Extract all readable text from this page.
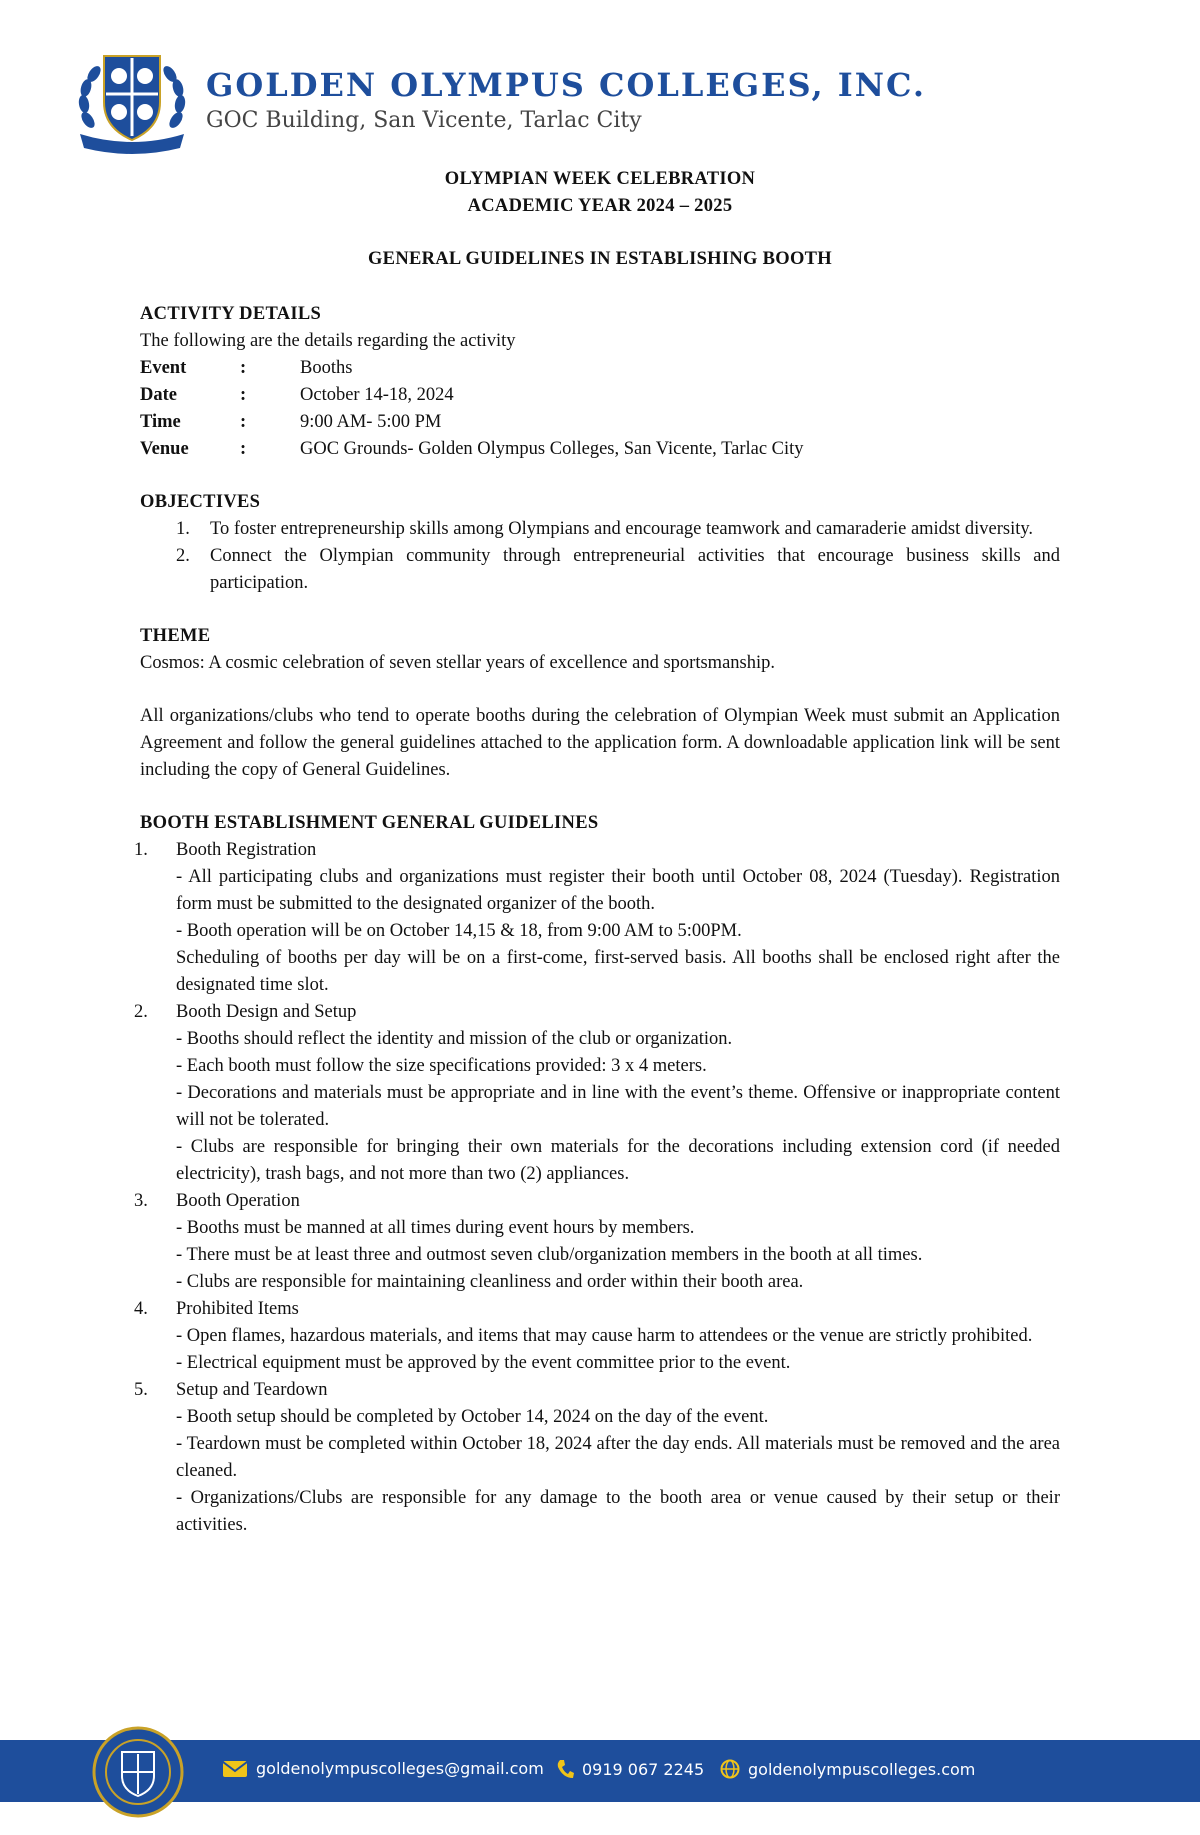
GOLDEN OLYMPUS COLLEGES, INC.

GOC Building, San Vicente, Tarlac City

OLYMPIAN WEEK CELEBRATION

ACADEMIC YEAR 2024 – 2025

GENERAL GUIDELINES IN ESTABLISHING BOOTH

ACTIVITY DETAILS

The following are the details regarding the activity

Event	:	Booths
Date	:	October 14-18, 2024
Time	:	9:00 AM- 5:00 PM
Venue	:	GOC Grounds- Golden Olympus Colleges, San Vicente, Tarlac City

OBJECTIVES

1.	To foster entrepreneurship skills among Olympians and encourage teamwork and camaraderie amidst diversity.
2.	Connect the Olympian community through entrepreneurial activities that encourage business skills and participation.

THEME

Cosmos: A cosmic celebration of seven stellar years of excellence and sportsmanship.

All organizations/clubs who tend to operate booths during the celebration of Olympian Week must submit an Application Agreement and follow the general guidelines attached to the application form. A downloadable application link will be sent including the copy of General Guidelines.

BOOTH ESTABLISHMENT GENERAL GUIDELINES

1.	Booth Registration

- All participating clubs and organizations must register their booth until October 08, 2024 (Tuesday). Registration form must be submitted to the designated organizer of the booth.

- Booth operation will be on October 14,15 & 18, from 9:00 AM to 5:00PM.

Scheduling of booths per day will be on a first-come, first-served basis. All booths shall be enclosed right after the designated time slot.

2.	Booth Design and Setup

- Booths should reflect the identity and mission of the club or organization.

- Each booth must follow the size specifications provided: 3 x 4 meters.

- Decorations and materials must be appropriate and in line with the event’s theme. Offensive or inappropriate content will not be tolerated.

- Clubs are responsible for bringing their own materials for the decorations including extension cord (if needed electricity), trash bags, and not more than two (2) appliances.

3.	Booth Operation

- Booths must be manned at all times during event hours by members.

- There must be at least three and outmost seven club/organization members in the booth at all times.

- Clubs are responsible for maintaining cleanliness and order within their booth area.

4.	Prohibited Items

- Open flames, hazardous materials, and items that may cause harm to attendees or the venue are strictly prohibited.

- Electrical equipment must be approved by the event committee prior to the event.

5.	Setup and Teardown

- Booth setup should be completed by October 14, 2024 on the day of the event.

- Teardown must be completed within October 18, 2024 after the day ends. All materials must be removed and the area cleaned.

- Organizations/Clubs are responsible for any damage to the booth area or venue caused by their setup or their activities.

goldenolympuscolleges@gmail.com 0919 067 2245	goldenolympuscolleges.com
